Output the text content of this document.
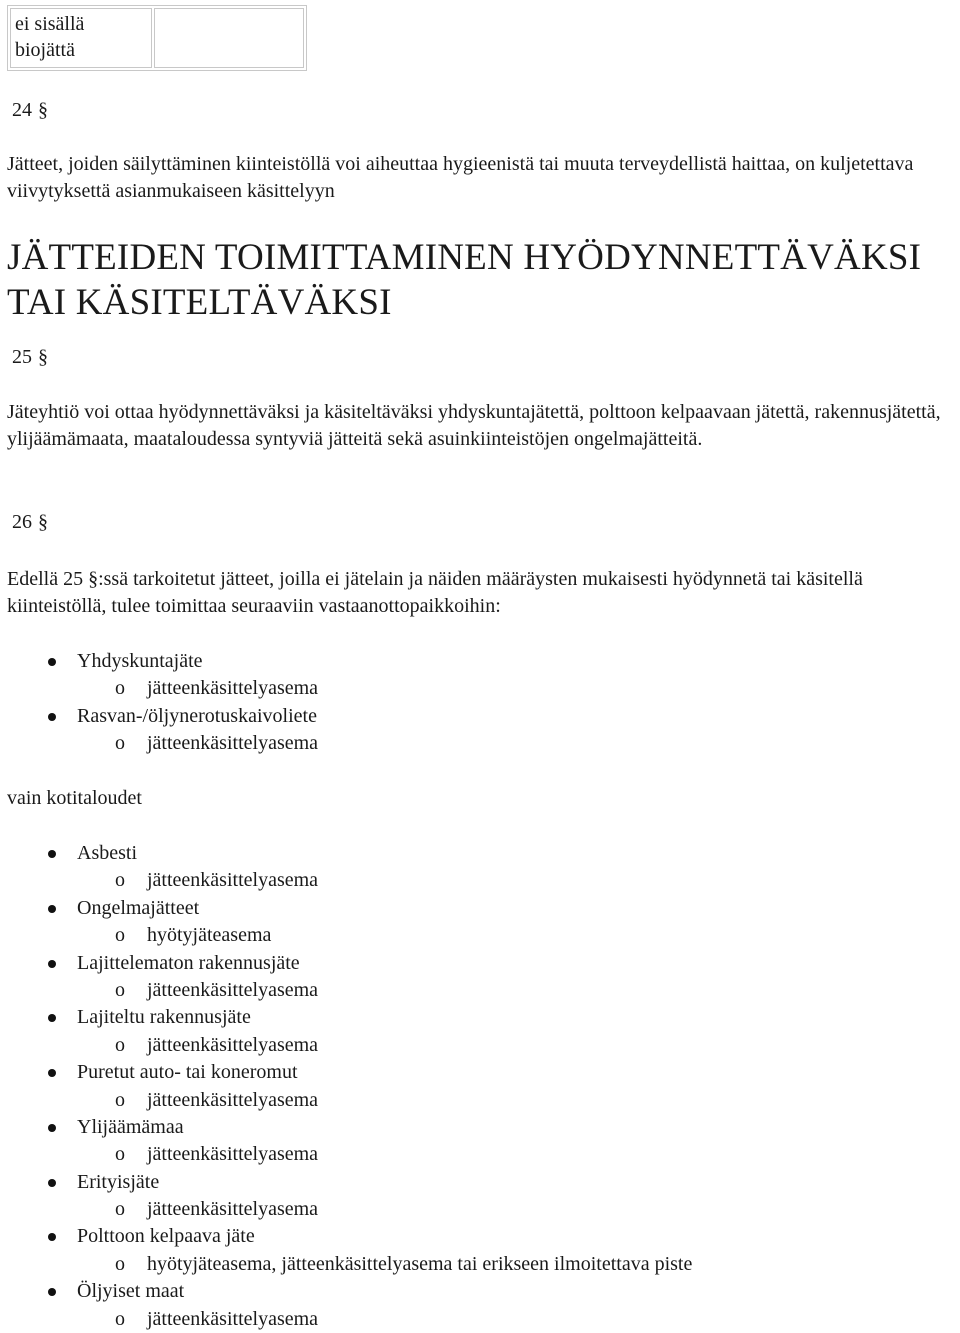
ei sisällä biojättä	
24 §
Jätteet, joiden säilyttäminen kiinteistöllä voi aiheuttaa hygieenistä tai muuta terveydellistä haittaa, on kuljetettava viivytyksettä asianmukaiseen käsittelyyn
JÄTTEIDEN TOIMITTAMINEN HYÖDYNNETTÄVÄKSI TAI KÄSITELTÄVÄKSI
25 §
Jäteyhtiö voi ottaa hyödynnettäväksi ja käsiteltäväksi yhdyskuntajätettä, polttoon kelpaavaan jätettä, rakennusjätettä, ylijäämämaata, maataloudessa syntyviä jätteitä sekä asuinkiinteistöjen ongelmajätteitä.
26 §
Edellä 25 §:ssä tarkoitetut jätteet, joilla ei jätelain ja näiden määräysten mukaisesti hyödynnetä tai käsitellä kiinteistöllä, tulee toimittaa seuraaviin vastaanottopaikkoihin:
Yhdyskuntajäte
o jätteenkäsittelyasema
Rasvan-/öljynerotuskaivoliete
o jätteenkäsittelyasema
vain kotitaloudet
Asbesti
o jätteenkäsittelyasema
Ongelmajätteet
o hyötyjäteasema
Lajittelematon rakennusjäte
o jätteenkäsittelyasema
Lajiteltu rakennusjäte
o jätteenkäsittelyasema
Puretut auto- tai koneromut
o jätteenkäsittelyasema
Ylijäämämaa
o jätteenkäsittelyasema
Erityisjäte
o jätteenkäsittelyasema
Polttoon kelpaava jäte
o hyötyjäteasema, jätteenkäsittelyasema tai erikseen ilmoitettava piste
Öljyiset maat
o jätteenkäsittelyasema
